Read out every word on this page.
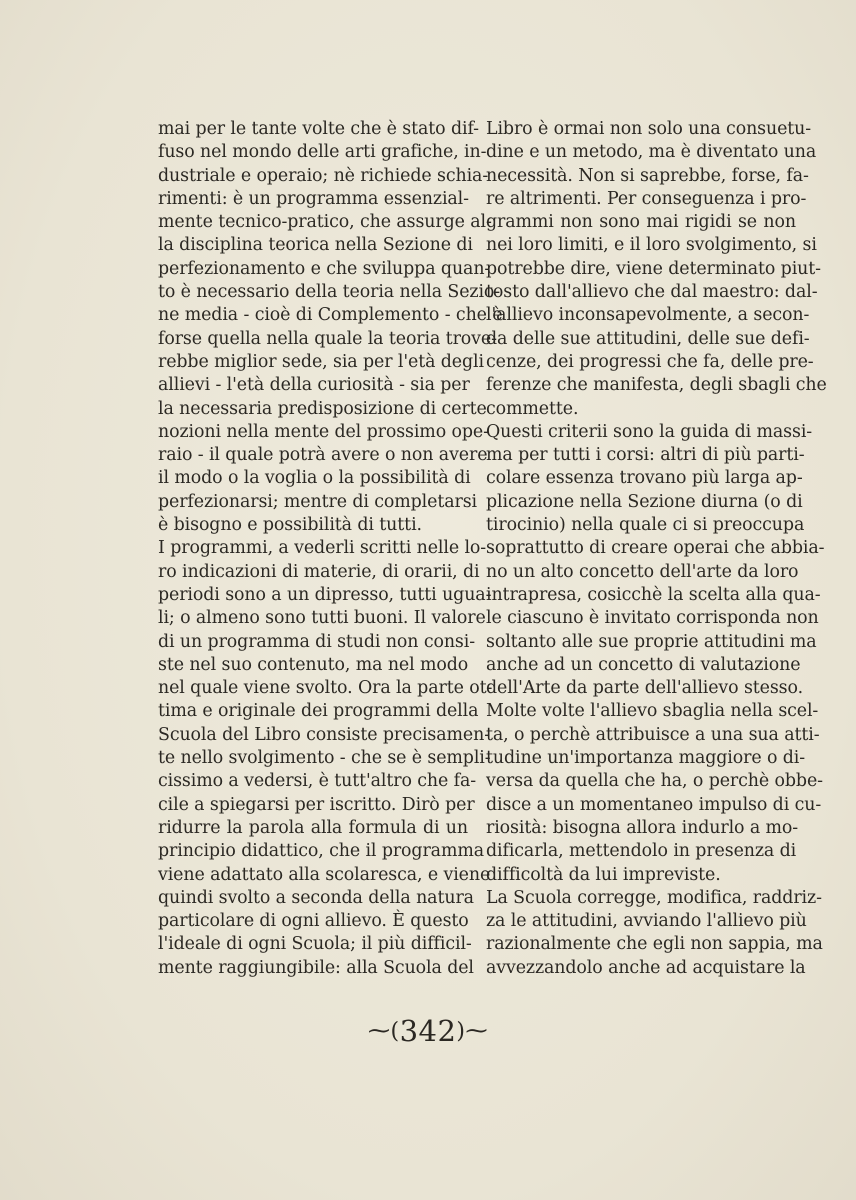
mai per le tante volte che è stato dif-
fuso nel mondo delle arti grafiche, in-
dustriale e operaio; nè richiede schia-
rimenti: è un programma essenzial-
mente tecnico-pratico, che assurge al-
la disciplina teorica nella Sezione di
perfezionamento e che sviluppa quan-
to è necessario della teoria nella Sezio-
ne media - cioè di Complemento - che è
forse quella nella quale la teoria trove-
rebbe miglior sede, sia per l'età degli
allievi - l'età della curiosità - sia per
la necessaria predisposizione di certe
nozioni nella mente del prossimo ope-
raio - il quale potrà avere o non avere
il modo o la voglia o la possibilità di
perfezionarsi; mentre di completarsi
è bisogno e possibilità di tutti.
I programmi, a vederli scritti nelle lo-
ro indicazioni di materie, di orarii, di
periodi sono a un dipresso, tutti ugua-
li; o almeno sono tutti buoni. Il valore
di un programma di studi non consi-
ste nel suo contenuto, ma nel modo
nel quale viene svolto. Ora la parte ot-
tima e originale dei programmi della
Scuola del Libro consiste precisamen-
te nello svolgimento - che se è sempli-
cissimo a vedersi, è tutt'altro che fa-
cile a spiegarsi per iscritto. Dirò per
ridurre la parola alla formula di un
principio didattico, che il programma
viene adattato alla scolaresca, e viene
quindi svolto a seconda della natura
particolare di ogni allievo. È questo
l'ideale di ogni Scuola; il più difficil-
mente raggiungibile: alla Scuola del
Libro è ormai non solo una consuetu-
dine e un metodo, ma è diventato una
necessità. Non si saprebbe, forse, fa-
re altrimenti. Per conseguenza i pro-
grammi non sono mai rigidi se non
nei loro limiti, e il loro svolgimento, si
potrebbe dire, viene determinato piut-
tosto dall'allievo che dal maestro: dal-
l'allievo inconsapevolmente, a secon-
da delle sue attitudini, delle sue defi-
cenze, dei progressi che fa, delle pre-
ferenze che manifesta, degli sbagli che
commette.
Questi criterii sono la guida di massi-
ma per tutti i corsi: altri di più parti-
colare essenza trovano più larga ap-
plicazione nella Sezione diurna (o di
tirocinio) nella quale ci si preoccupa
soprattutto di creare operai che abbia-
no un alto concetto dell'arte da loro
intrapresa, cosicchè la scelta alla qua-
le ciascuno è invitato corrisponda non
soltanto alle sue proprie attitudini ma
anche ad un concetto di valutazione
dell'Arte da parte dell'allievo stesso.
Molte volte l'allievo sbaglia nella scel-
ta, o perchè attribuisce a una sua atti-
tudine un'importanza maggiore o di-
versa da quella che ha, o perchè obbe-
disce a un momentaneo impulso di cu-
riosità: bisogna allora indurlo a mo-
dificarla, mettendolo in presenza di
difficoltà da lui impreviste.
La Scuola corregge, modifica, raddriz-
za le attitudini, avviando l'allievo più
razionalmente che egli non sappia, ma
avvezzandolo anche ad acquistare la
⁓(342)⁓
